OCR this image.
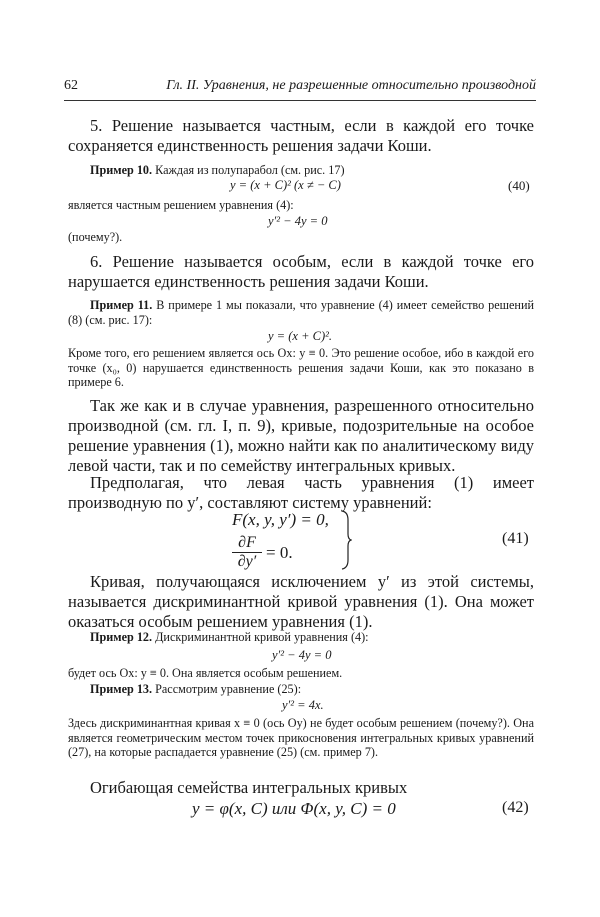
62	Гл. II. Уравнения, не разрешенные относительно производной
5. Решение называется частным, если в каждой его точке сохраняется единственность решения задачи Коши.
Пример 10. Каждая из полупарабол (см. рис. 17)
y = (x + C)² (x ≠ − C)	(40)
является частным решением уравнения (4):
y′² − 4y = 0
(почему?).
6. Решение называется особым, если в каждой точке его нарушается единственность решения задачи Коши.
Пример 11. В примере 1 мы показали, что уравнение (4) имеет семейство решений (8) (см. рис. 17):
y = (x + C)².
Кроме того, его решением является ось Ox: y ≡ 0. Это решение особое, ибо в каждой его точке (x₀, 0) нарушается единственность решения задачи Коши, как это показано в примере 6.
Так же как и в случае уравнения, разрешенного относительно производной (см. гл. I, п. 9), кривые, подозрительные на особое решение уравнения (1), можно найти как по аналитическому виду левой части, так и по семейству интегральных кривых.
Предполагая, что левая часть уравнения (1) имеет производную по y′, составляют систему уравнений:
F(x, y, y′) = 0,
$\frac{\partial F}{\partial y'} = 0$.
(41)
Кривая, получающаяся исключением y′ из этой системы, называется дискриминантной кривой уравнения (1). Она может оказаться особым решением уравнения (1).
Пример 12. Дискриминантной кривой уравнения (4):
y′² − 4y = 0
будет ось Ox: y ≡ 0. Она является особым решением.
Пример 13. Рассмотрим уравнение (25):
y′² = 4x.
Здесь дискриминантная кривая x ≡ 0 (ось Oy) не будет особым решением (почему?). Она является геометрическим местом точек прикосновения интегральных кривых уравнений (27), на которые распадается уравнение (25) (см. пример 7).
Огибающая семейства интегральных кривых
y = φ(x, C) или Φ(x, y, C) = 0	(42)
